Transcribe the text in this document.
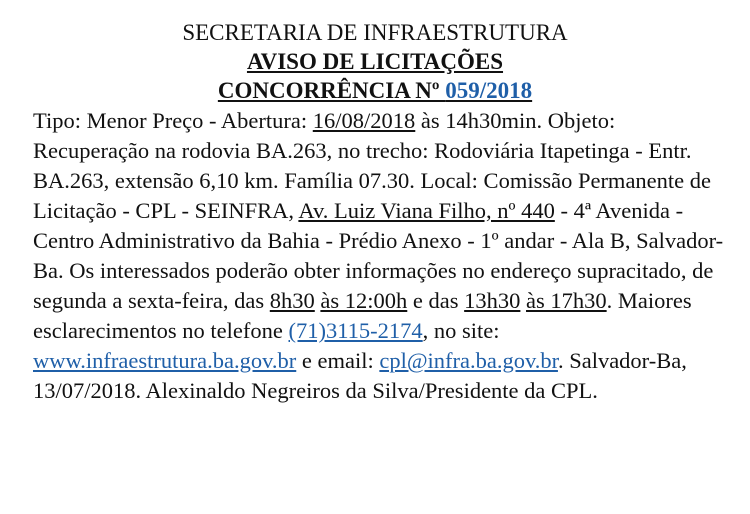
SECRETARIA DE INFRAESTRUTURA

AVISO DE LICITAÇÕES

CONCORRÊNCIA Nº 059/2018

Tipo: Menor Preço - Abertura: 16/08/2018 às 14h30min. Objeto: Recuperação na rodovia BA.263, no trecho: Rodoviária Itapetinga - Entr. BA.263, extensão 6,10 km. Família 07.30. Local: Comissão Permanente de Licitação - CPL - SEINFRA, Av. Luiz Viana Filho, nº 440 - 4ª Avenida - Centro Administrativo da Bahia - Prédio Anexo - 1º andar - Ala B, Salvador-Ba. Os interessados poderão obter informações no endereço supracitado, de segunda a sexta-feira, das 8h30 às 12:00h e das 13h30 às 17h30. Maiores esclarecimentos no telefone (71)3115-2174, no site: www.infraestrutura.ba.gov.br e email: cpl@infra.ba.gov.br. Salvador-Ba, 13/07/2018. Alexinaldo Negreiros da Silva/Presidente da CPL.
